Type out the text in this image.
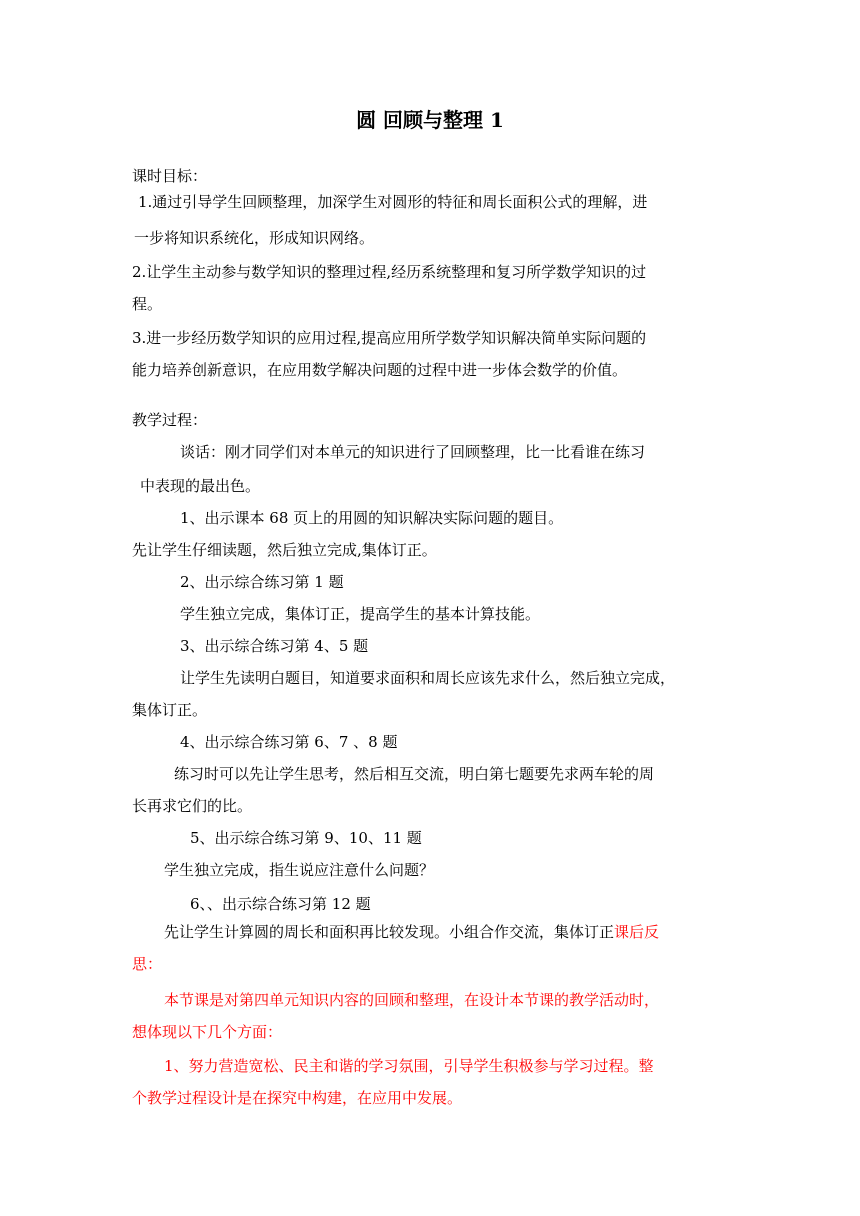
圆 回顾与整理 1
课时目标：
1.通过引导学生回顾整理，加深学生对圆形的特征和周长面积公式的理解，进
一步将知识系统化，形成知识网络。
2.让学生主动参与数学知识的整理过程,经历系统整理和复习所学数学知识的过
程。
3.进一步经历数学知识的应用过程,提高应用所学数学知识解决简单实际问题的
能力培养创新意识，在应用数学解决问题的过程中进一步体会数学的价值。
教学过程：
谈话：刚才同学们对本单元的知识进行了回顾整理，比一比看谁在练习
中表现的最出色。
1、出示课本 68 页上的用圆的知识解决实际问题的题目。
先让学生仔细读题，然后独立完成,集体订正。
2、出示综合练习第 1 题
学生独立完成，集体订正，提高学生的基本计算技能。
3、出示综合练习第 4、5 题
让学生先读明白题目，知道要求面积和周长应该先求什么，然后独立完成，
集体订正。
4、出示综合练习第 6、7 、8 题
练习时可以先让学生思考，然后相互交流，明白第七题要先求两车轮的周
长再求它们的比。
5、出示综合练习第 9、10、11 题
学生独立完成，指生说应注意什么问题？
6、、出示综合练习第 12 题
先让学生计算圆的周长和面积再比较发现。小组合作交流，集体订正课后反
思：
本节课是对第四单元知识内容的回顾和整理，在设计本节课的教学活动时，
想体现以下几个方面：
1、努力营造宽松、民主和谐的学习氛围，引导学生积极参与学习过程。整
个教学过程设计是在探究中构建，在应用中发展。
